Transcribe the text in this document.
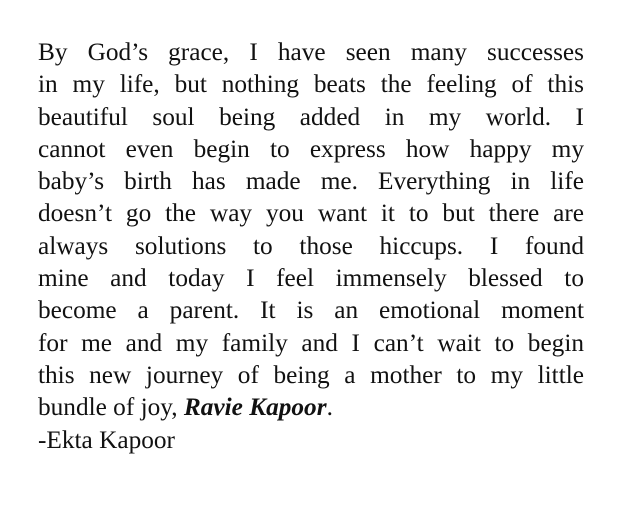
By God’s grace, I have seen many successes
in my life, but nothing beats the feeling of this
beautiful soul being added in my world. I
cannot even begin to express how happy my
baby’s birth has made me. Everything in life
doesn’t go the way you want it to but there are
always solutions to those hiccups. I found
mine and today I feel immensely blessed to
become a parent. It is an emotional moment
for me and my family and I can’t wait to begin
this new journey of being a mother to my little
bundle of joy, Ravie Kapoor.
-Ekta Kapoor
